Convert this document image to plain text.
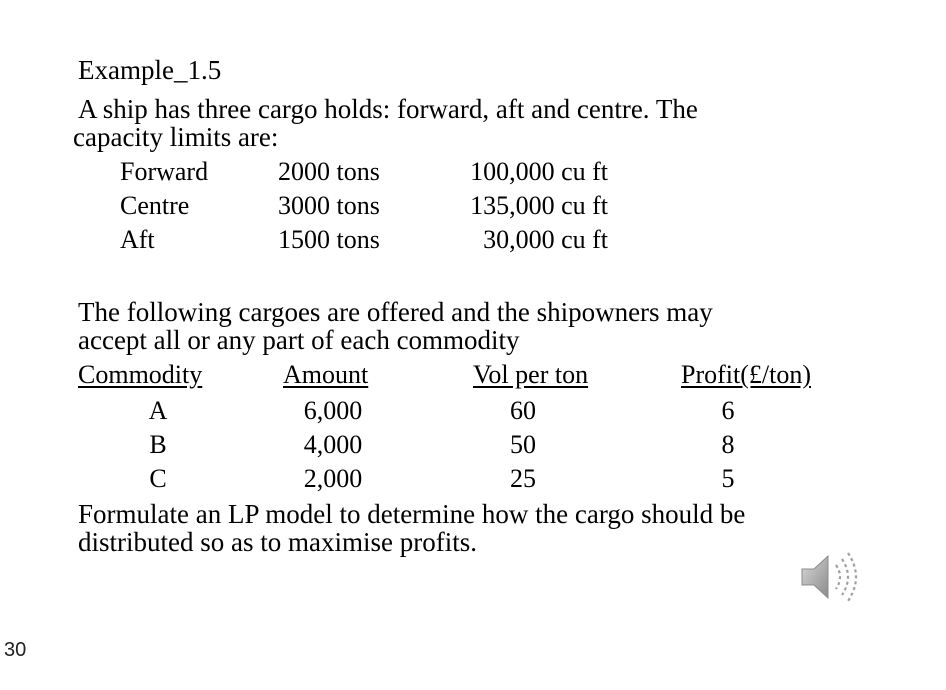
Example_1.5
A ship has three cargo holds: forward, aft and centre. The
capacity limits are:
Forward	2000 tons	100,000 cu ft
Centre	3000 tons	135,000 cu ft
Aft	1500 tons	30,000 cu ft
The following cargoes are offered and the shipowners may
accept all or any part of each commodity
Commodity	Amount	Vol per ton	Profit(£/ton)
A	6,000	60	6
B	4,000	50	8
C	2,000	25	5
Formulate an LP model to determine how the cargo should be
distributed so as to maximise profits.
30
